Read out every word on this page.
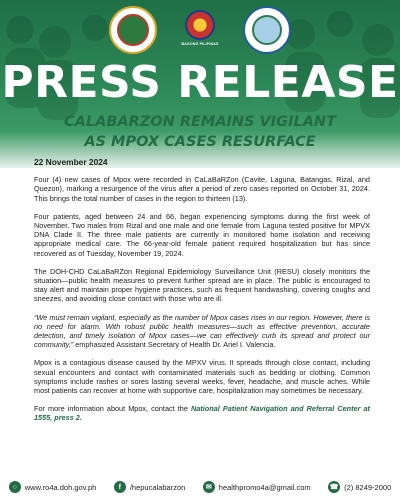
BAGONG PILIPINAS
PRESS RELEASE
CALABARZON REMAINS VIGILANT
AS MPOX CASES RESURFACE
22 November 2024

Four (4) new cases of Mpox were recorded in CaLaBaRZon (Cavite, Laguna, Batangas, Rizal, and Quezon), marking a resurgence of the virus after a period of zero cases reported on October 31, 2024. This brings the total number of cases in the region to thirteen (13).

Four patients, aged between 24 and 66, began experiencing symptoms during the first week of November. Two males from Rizal and one male and one female from Laguna tested positive for MPVX DNA Clade II. The three male patients are currently in monitored home isolation and receiving appropriate medical care. The 66-year-old female patient required hospitalization but has since recovered as of Tuesday, November 19, 2024.

The DOH-CHD CaLaBaRZon Regional Epidemiology Surveillance Unit (RESU) closely monitors the situation—public health measures to prevent further spread are in place. The public is encouraged to stay alert and maintain proper hygiene practices, such as frequent handwashing, covering coughs and sneezes, and avoiding close contact with those who are ill.

“We must remain vigilant, especially as the number of Mpox cases rises in our region. However, there is no need for alarm. With robust public health measures—such as effective prevention, accurate detection, and timely isolation of Mpox cases—we can effectively curb its spread and protect our community,” emphasized Assistant Secretary of Health Dr. Ariel I. Valencia.

Mpox is a contagious disease caused by the MPXV virus. It spreads through close contact, including sexual encounters and contact with contaminated materials such as bedding or clothing. Common symptoms include rashes or sores lasting several weeks, fever, headache, and muscle aches. While most patients can recover at home with supportive care, hospitalization may sometimes be necessary.

For more information about Mpox, contact the National Patient Navigation and Referral Center at 1555, press 2.

○	www.ro4a.doh.gov.ph	f	/hepucalabarzon	✉ healthpromo4a@gmail.com	☎ (2) 8249-2000
